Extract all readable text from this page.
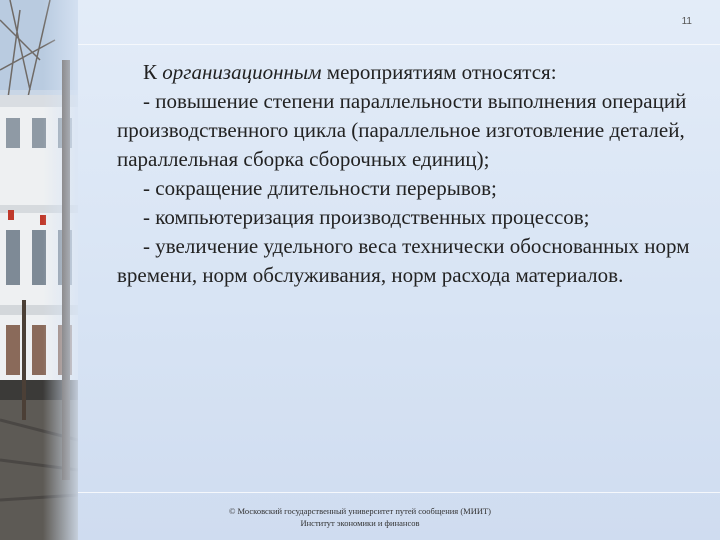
11

К организационным мероприятиям относятся:

- повышение степени параллельности выполнения операций производственного цикла (параллельное изготовление деталей, параллельная сборка сборочных единиц);

- сокращение длительности перерывов;

- компьютеризация производственных процессов;

- увеличение удельного веса технически обоснованных норм времени, норм обслуживания, норм расхода материалов.

© Московский государственный университет путей сообщения (МИИТ)
Институт экономики и финансов
